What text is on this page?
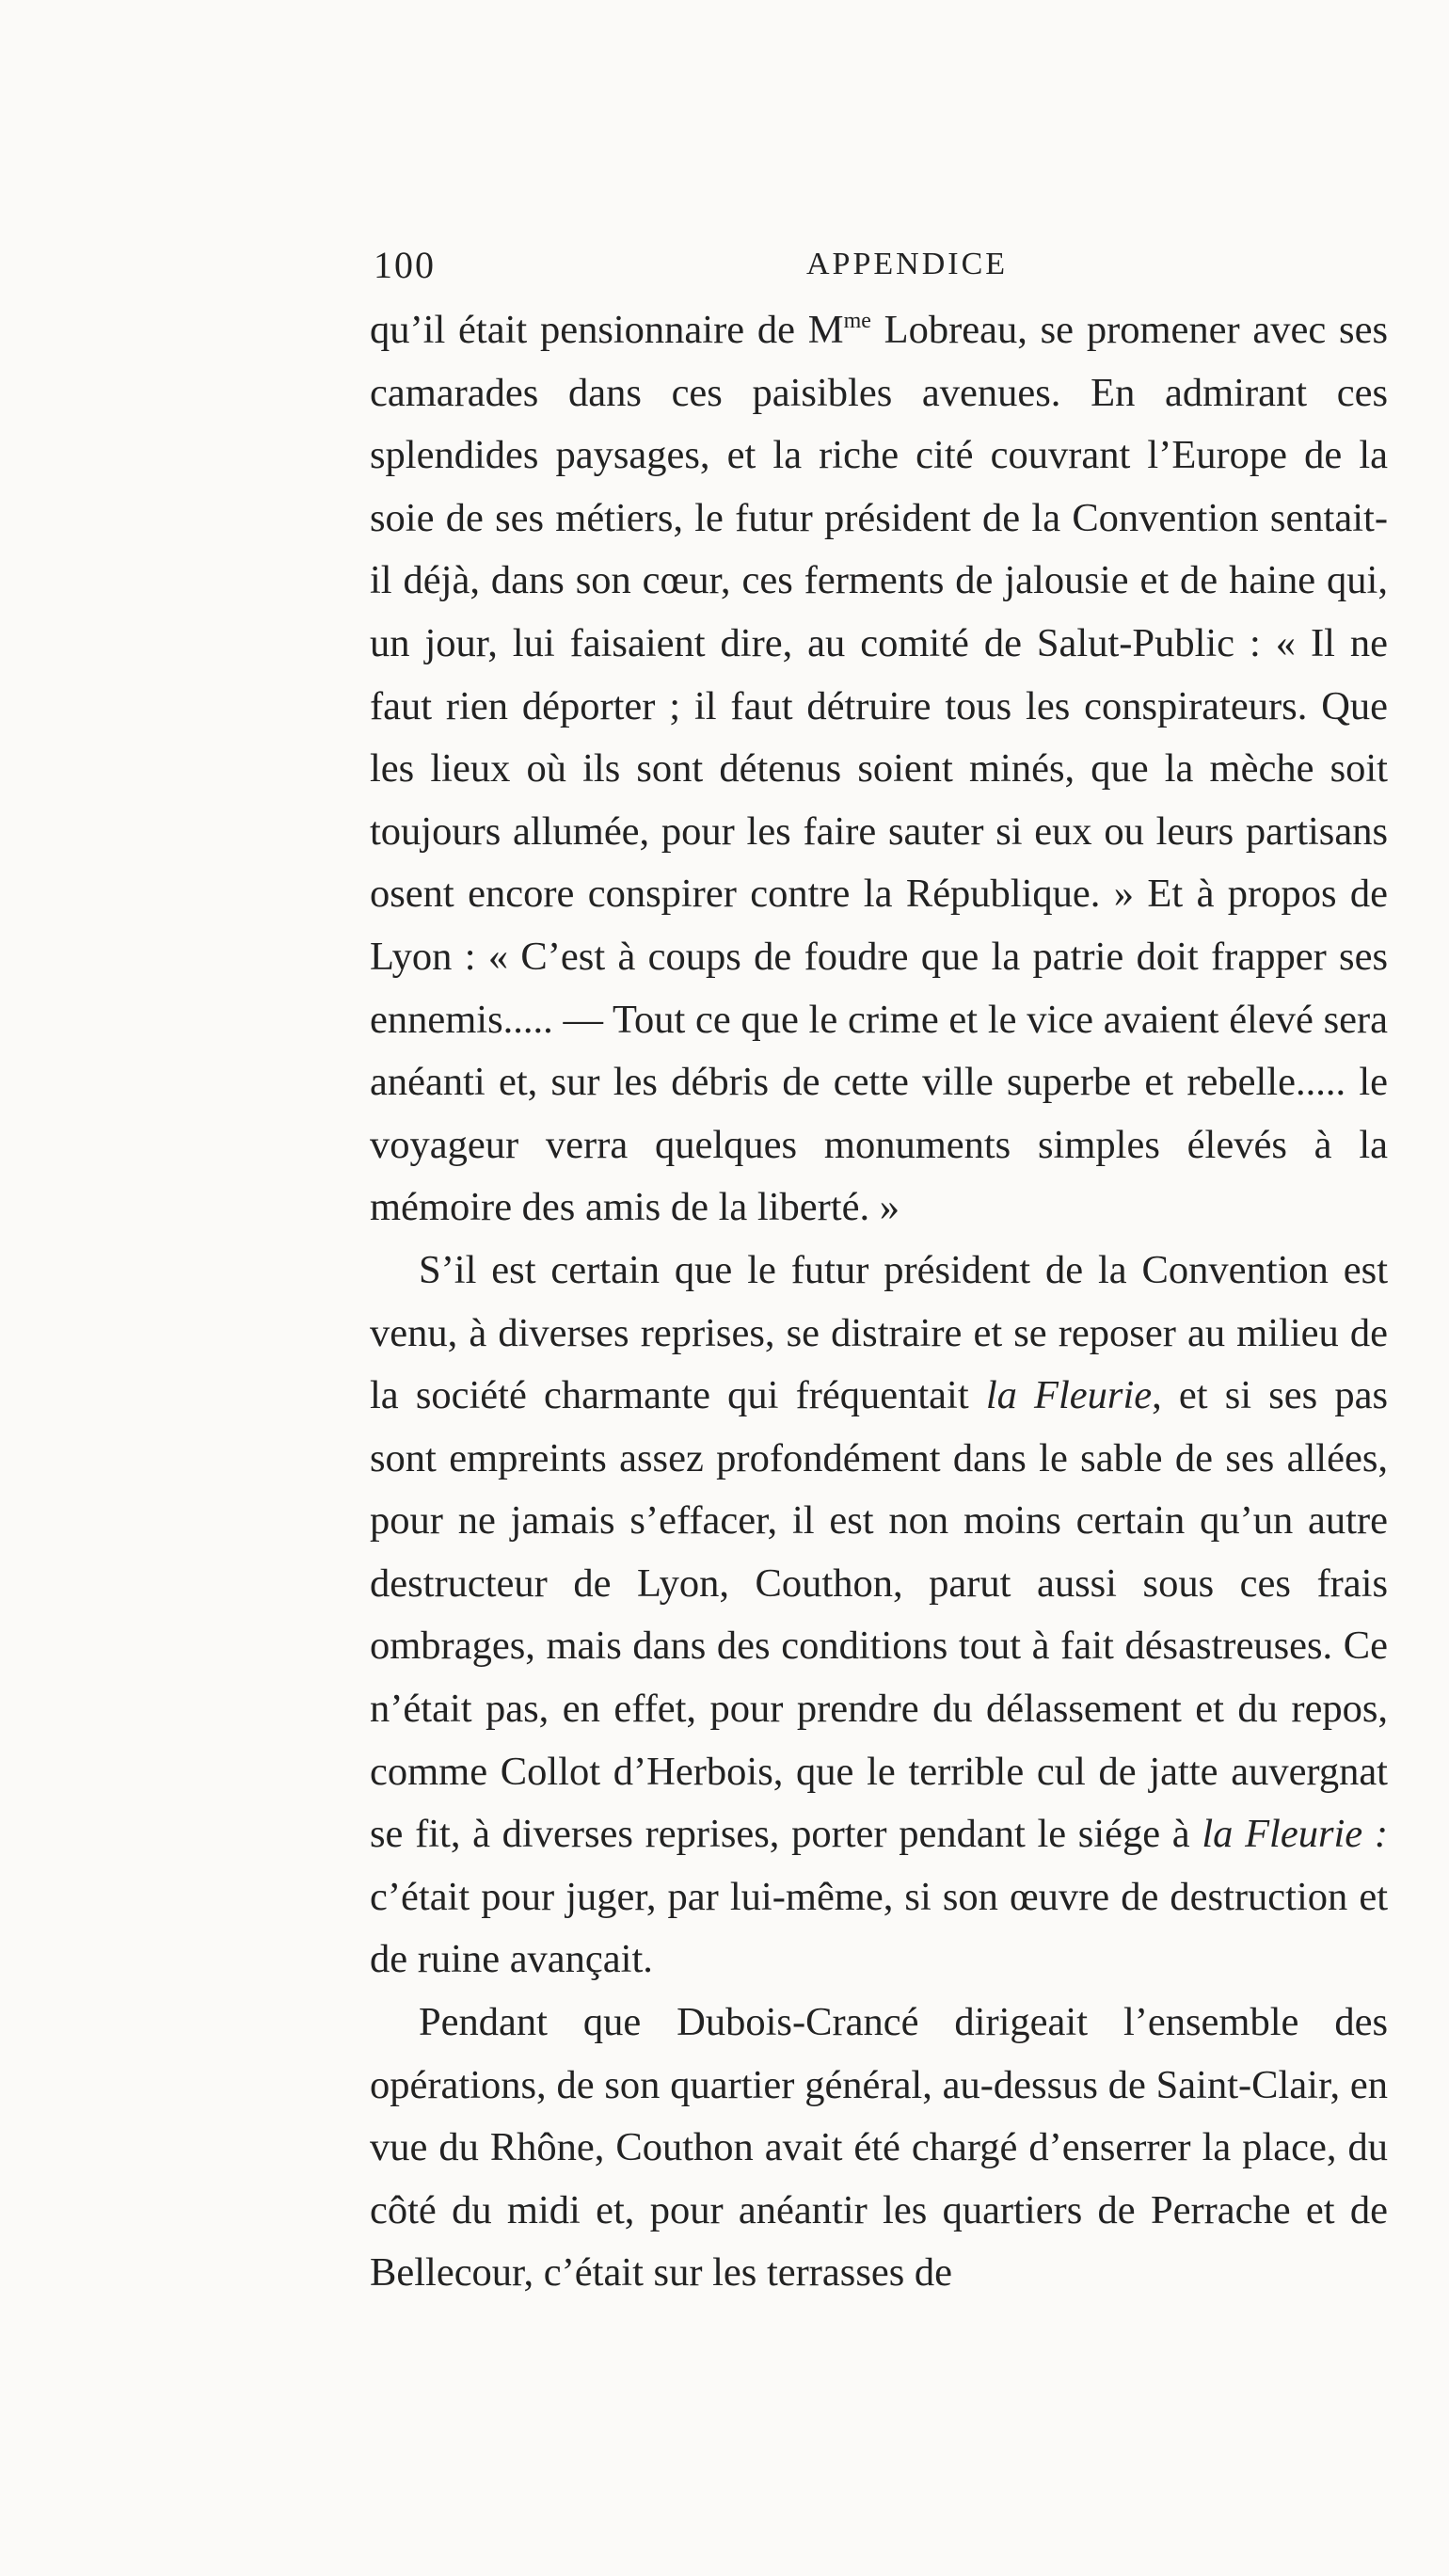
100	APPENDICE

qu’il était pensionnaire de $M^{me}$ Lobreau, se promener avec ses camarades dans ces paisibles avenues. En admirant ces splendides paysages, et la riche cité couvrant l’Europe de la soie de ses métiers, le futur président de la Convention sentait-il déjà, dans son cœur, ces ferments de jalousie et de haine qui, un jour, lui faisaient dire, au comité de Salut-Public : « Il ne faut rien déporter ; il faut détruire tous les conspirateurs. Que les lieux où ils sont détenus soient minés, que la mèche soit toujours allumée, pour les faire sauter si eux ou leurs partisans osent encore conspirer contre la République. » Et à propos de Lyon : « C’est à coups de foudre que la patrie doit frapper ses ennemis..... — Tout ce que le crime et le vice avaient élevé sera anéanti et, sur les débris de cette ville superbe et rebelle..... le voyageur verra quelques monuments simples élevés à la mémoire des amis de la liberté. »

S’il est certain que le futur président de la Convention est venu, à diverses reprises, se distraire et se reposer au milieu de la société charmante qui fréquentait la Fleurie, et si ses pas sont empreints assez profondément dans le sable de ses allées, pour ne jamais s’effacer, il est non moins certain qu’un autre destructeur de Lyon, Couthon, parut aussi sous ces frais ombrages, mais dans des conditions tout à fait désastreuses. Ce n’était pas, en effet, pour prendre du délassement et du repos, comme Collot d’Herbois, que le terrible cul de jatte auvergnat se fit, à diverses reprises, porter pendant le siége à la Fleurie : c’était pour juger, par lui-même, si son œuvre de destruction et de ruine avançait.

Pendant que Dubois-Crancé dirigeait l’ensemble des opérations, de son quartier général, au-dessus de Saint-Clair, en vue du Rhône, Couthon avait été chargé d’enserrer la place, du côté du midi et, pour anéantir les quartiers de Perrache et de Bellecour, c’était sur les terrasses de
